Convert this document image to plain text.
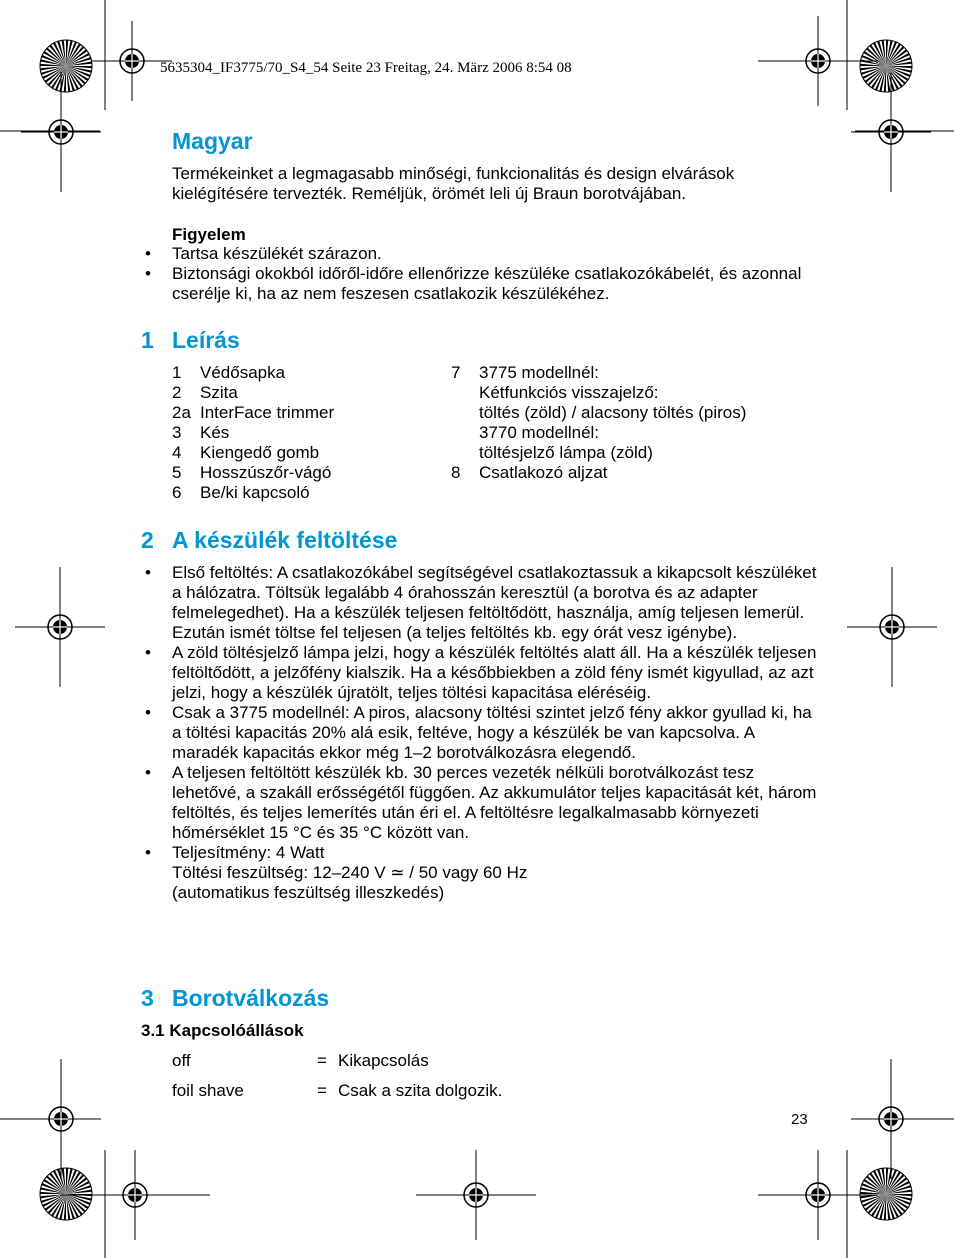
5635304_IF3775/70_S4_54 Seite 23 Freitag, 24. März 2006 8:54 08
Magyar
Termékeinket a legmagasabb minőségi, funkcionalitás és design elvárások kielégítésére tervezték. Reméljük, örömét leli új Braun borotvájában.
Figyelem
• Tartsa készülékét szárazon.
• Biztonsági okokból időről-időre ellenőrizze készüléke csatlakozókábelét, és azonnal cserélje ki, ha az nem feszesen csatlakozik készülékéhez.
1 Leírás
1 Védősapka
2 Szita
2a InterFace trimmer
3 Kés
4 Kiengedő gomb
5 Hosszúszőr-vágó
6 Be/ki kapcsoló
7 3775 modellnél:
Kétfunkciós visszajelző:
töltés (zöld) / alacsony töltés (piros)
3770 modellnél:
töltésjelző lámpa (zöld)
8 Csatlakozó aljzat
2 A készülék feltöltése
• Első feltöltés: A csatlakozókábel segítségével csatlakoztassuk a kikapcsolt készüléket a hálózatra. Töltsük legalább 4 órahosszán keresztül (a borotva és az adapter felmelegedhet). Ha a készülék teljesen feltöltődött, használja, amíg teljesen lemerül. Ezután ismét töltse fel teljesen (a teljes feltöltés kb. egy órát vesz igénybe).
• A zöld töltésjelző lámpa jelzi, hogy a készülék feltöltés alatt áll. Ha a készülék teljesen feltöltődött, a jelzőfény kialszik. Ha a későbbiekben a zöld fény ismét kigyullad, az azt jelzi, hogy a készülék újratölt, teljes töltési kapacitása eléréséig.
• Csak a 3775 modellnél: A piros, alacsony töltési szintet jelző fény akkor gyullad ki, ha a töltési kapacitás 20% alá esik, feltéve, hogy a készülék be van kapcsolva. A maradék kapacitás ekkor még 1–2 borotválkozásra elegendő.
• A teljesen feltöltött készülék kb. 30 perces vezeték nélküli borotválkozást tesz lehetővé, a szakáll erősségétől függően. Az akkumulátor teljes kapacitását két, három feltöltés, és teljes lemerítés után éri el. A feltöltésre legalkalmasabb környezeti hőmérséklet 15 °C és 35 °C között van.
• Teljesítmény: 4 Watt
Töltési feszültség: 12–240 V ≃ / 50 vagy 60 Hz
(automatikus feszültség illeszkedés)
3 Borotválkozás
3.1 Kapcsolóállások
off	= Kikapcsolás
foil shave	= Csak a szita dolgozik.
23
